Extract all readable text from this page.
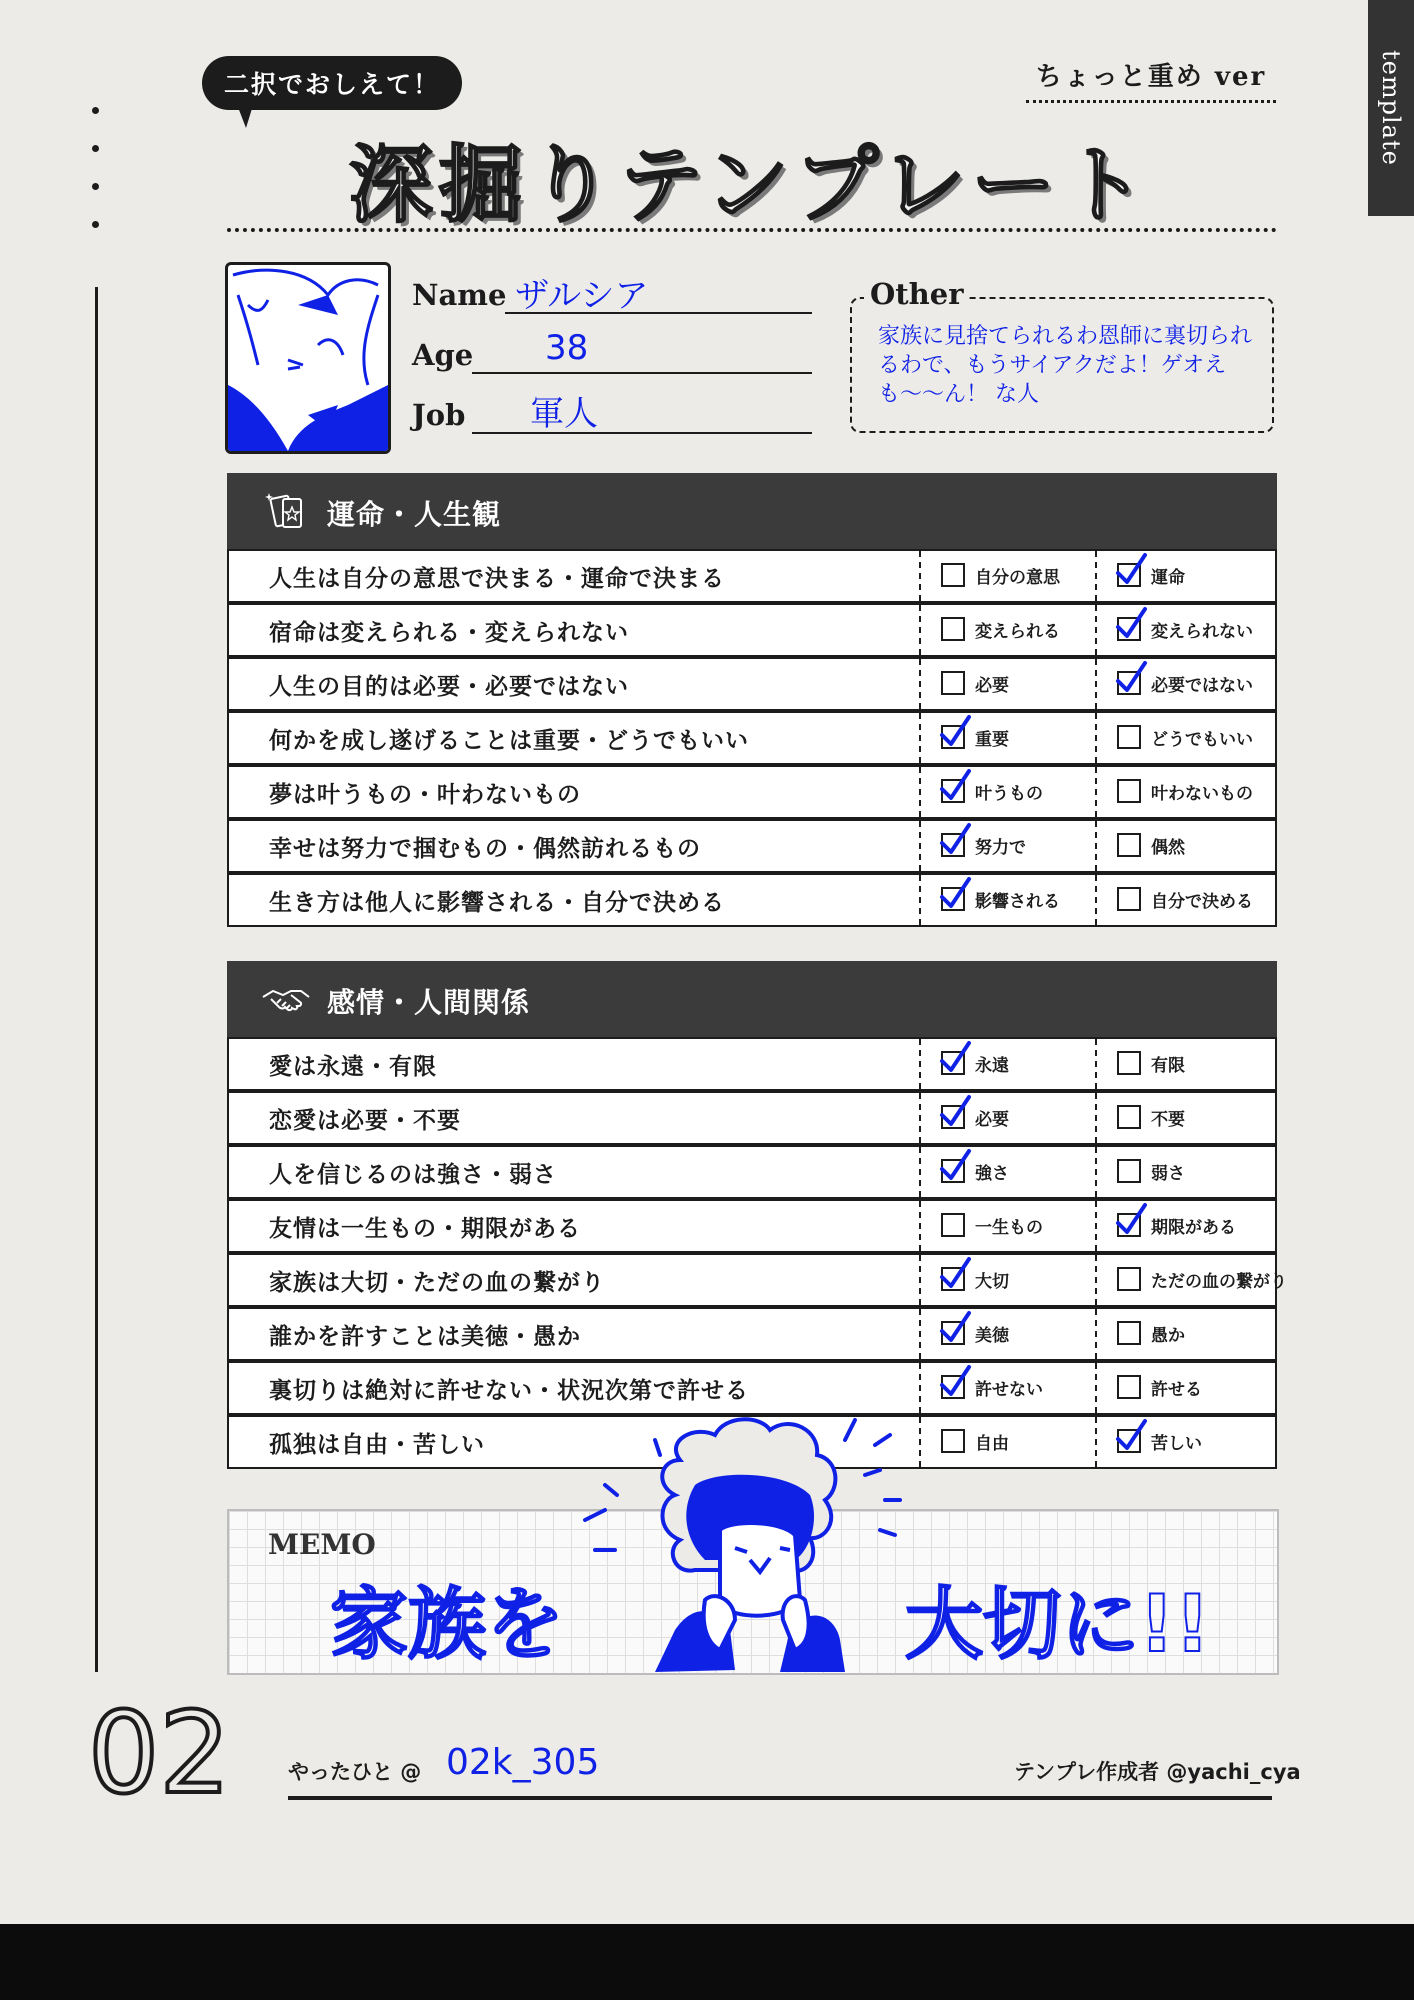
template
二択でおしえて！	ちょっと重め ver
深掘りテンプレート
Name ザルシア
Age 38
Job 軍人
Other
家族に見捨てられるわ恩師に裏切られるわで、もうサイアクだよ！ゲオえも〜〜ん！ な人
運命・人生観
人生は自分の意思で決まる・運命で決まる	自分の意思	運命
宿命は変えられる・変えられない	変えられる	変えられない
人生の目的は必要・必要ではない	必要	必要ではない
何かを成し遂げることは重要・どうでもいい	重要	どうでもいい
夢は叶うもの・叶わないもの	叶うもの	叶わないもの
幸せは努力で掴むもの・偶然訪れるもの	努力で	偶然
生き方は他人に影響される・自分で決める	影響される	自分で決める
感情・人間関係
愛は永遠・有限	永遠	有限
恋愛は必要・不要	必要	不要
人を信じるのは強さ・弱さ	強さ	弱さ
友情は一生もの・期限がある	一生もの	期限がある
家族は大切・ただの血の繋がり	大切	ただの血の繋がり
誰かを許すことは美徳・愚か	美徳	愚か
裏切りは絶対に許せない・状況次第で許せる	許せない	許せる
孤独は自由・苦しい	自由	苦しい
MEMO
家族を	大切に!!
02	やったひと @ 02k_305	テンプレ作成者 @yachi_cya
